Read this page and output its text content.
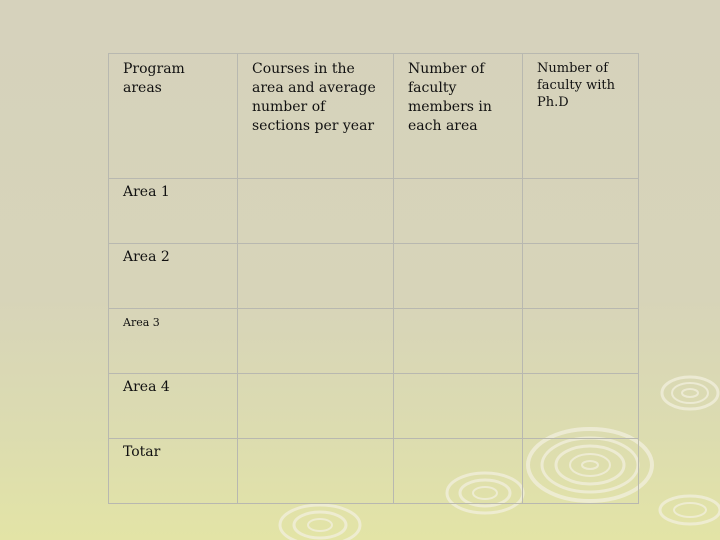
Program areas	Courses in the area and average number of sections per year	Number of faculty members in each area	Number of faculty with Ph.D
Area 1			
Area 2			
Area 3			
Area 4			
Totar			
